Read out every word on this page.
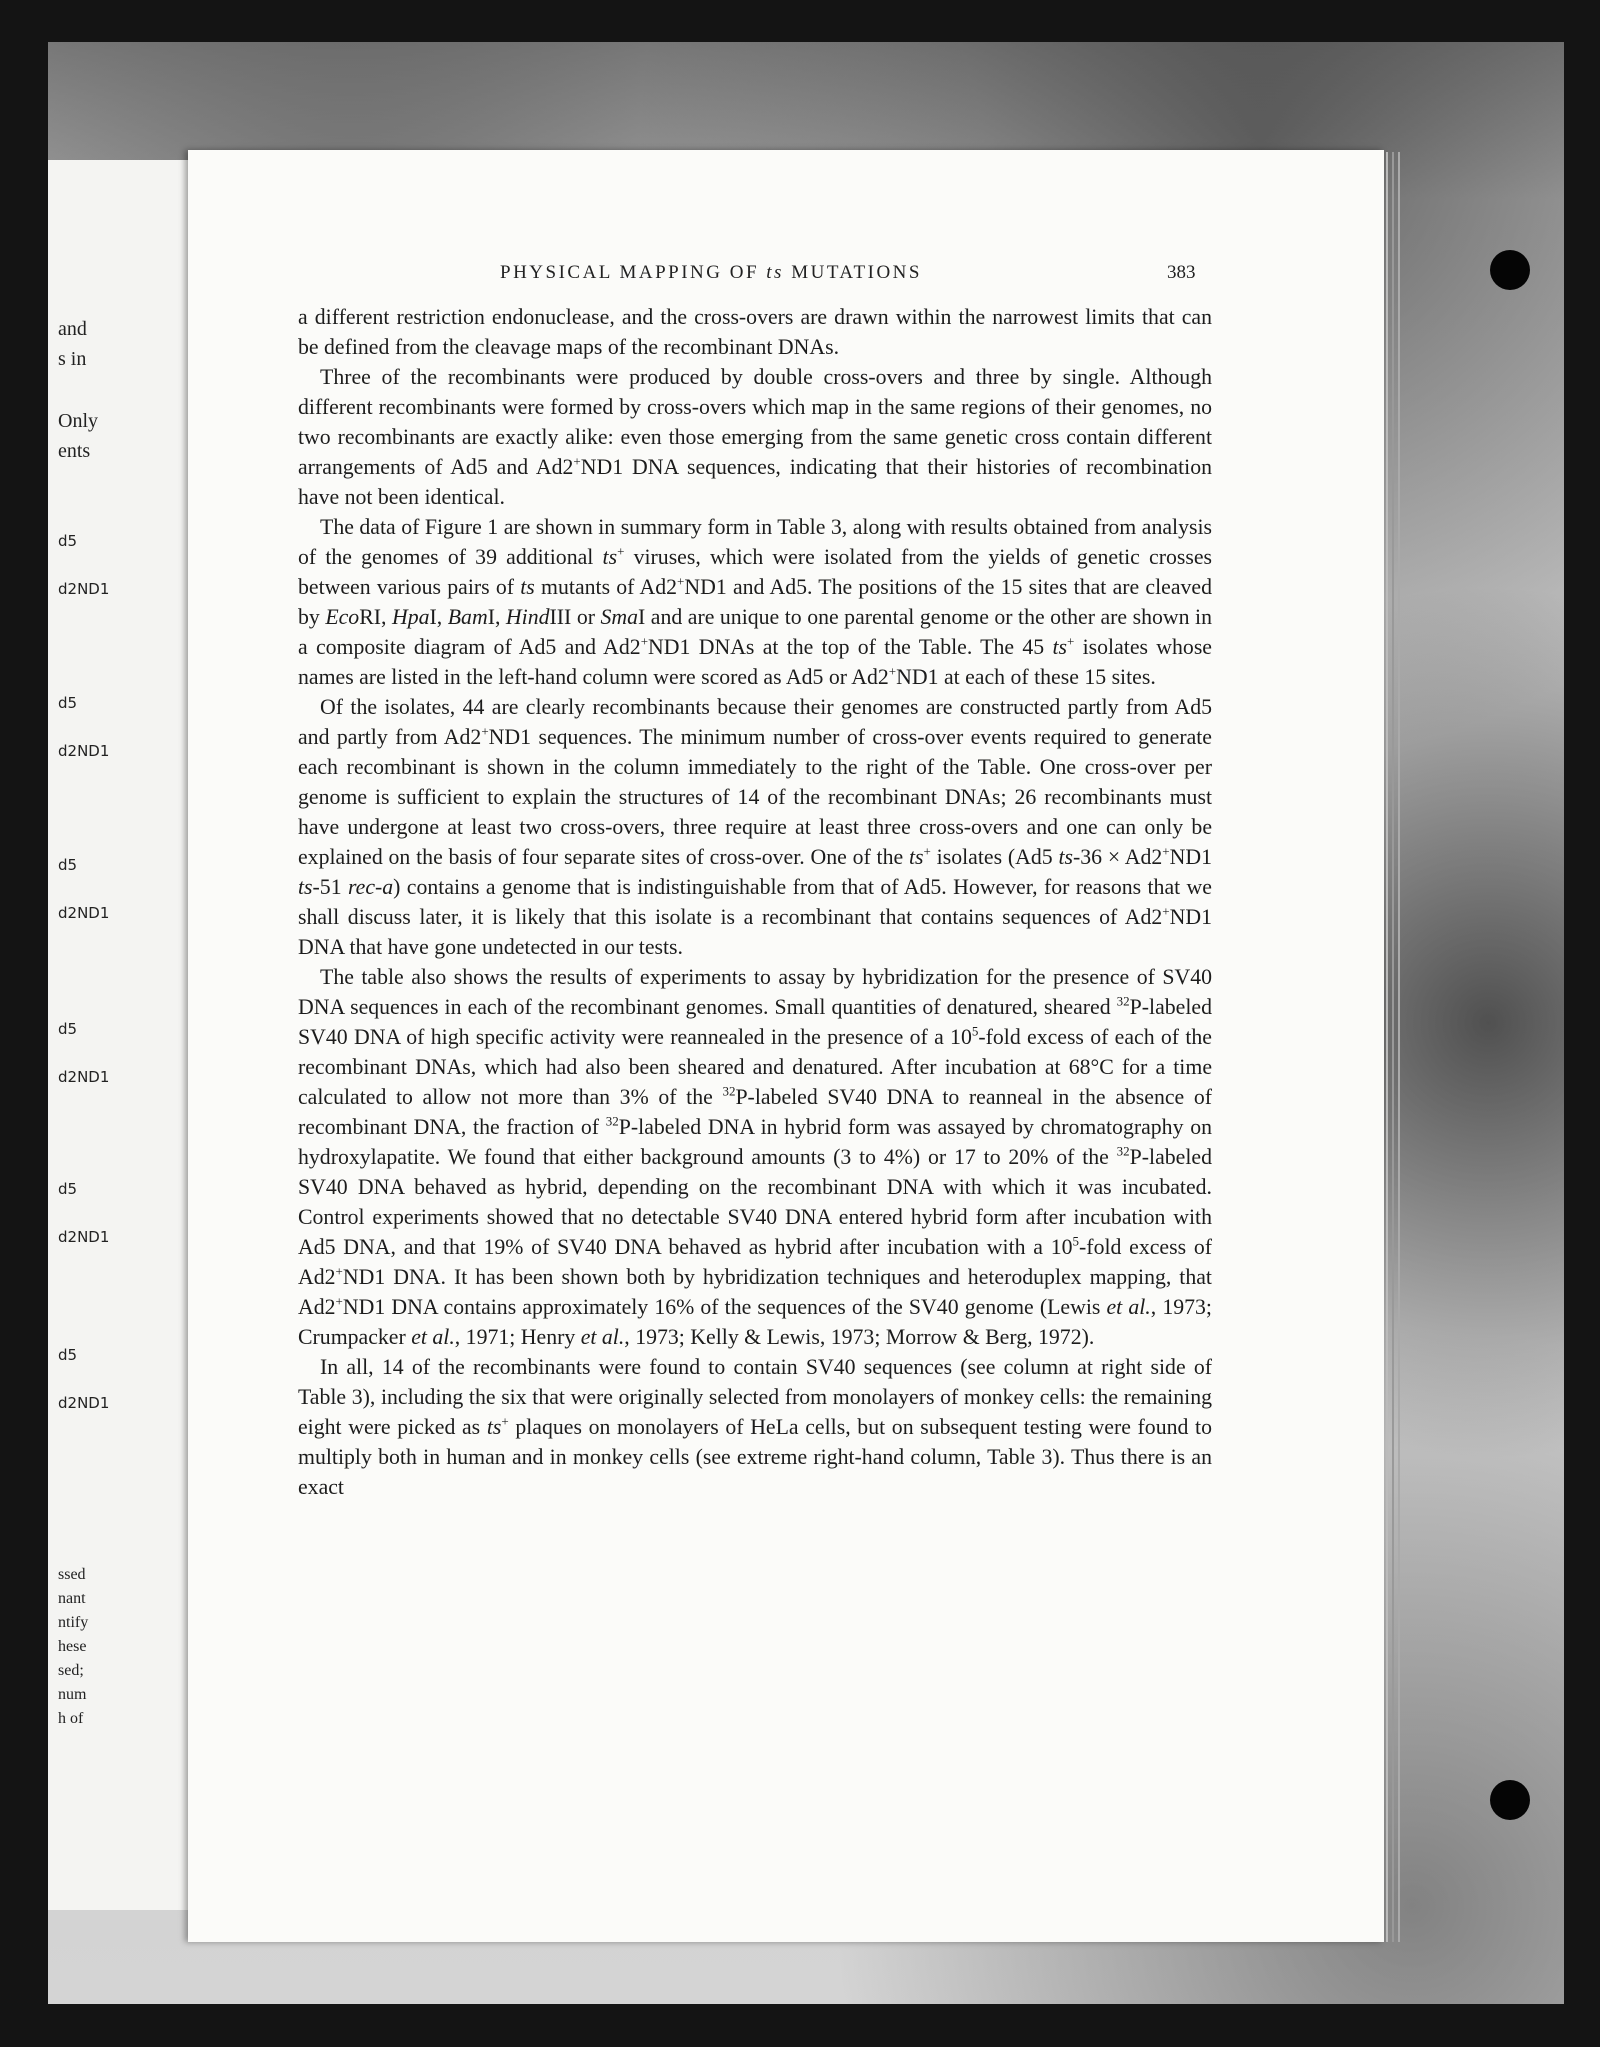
and
s in
Only
ents
d5
d2ND1
d5
d2ND1
d5
d2ND1
d5
d2ND1
d5
d2ND1
d5
d2ND1
ssed
nant
ntify
hese
sed;
num
h of
PHYSICAL MAPPING OF ts MUTATIONS	383

a different restriction endonuclease, and the cross-overs are drawn within the narrowest limits that can be defined from the cleavage maps of the recombinant DNAs.

Three of the recombinants were produced by double cross-overs and three by single. Although different recombinants were formed by cross-overs which map in the same regions of their genomes, no two recombinants are exactly alike: even those emerging from the same genetic cross contain different arrangements of Ad5 and Ad2+ND1 DNA sequences, indicating that their histories of recombination have not been identical.

The data of Figure 1 are shown in summary form in Table 3, along with results obtained from analysis of the genomes of 39 additional ts+ viruses, which were isolated from the yields of genetic crosses between various pairs of ts mutants of Ad2+ND1 and Ad5. The positions of the 15 sites that are cleaved by EcoRI, HpaI, BamI, HindIII or SmaI and are unique to one parental genome or the other are shown in a composite diagram of Ad5 and Ad2+ND1 DNAs at the top of the Table. The 45 ts+ isolates whose names are listed in the left-hand column were scored as Ad5 or Ad2+ND1 at each of these 15 sites.

Of the isolates, 44 are clearly recombinants because their genomes are constructed partly from Ad5 and partly from Ad2+ND1 sequences. The minimum number of cross-over events required to generate each recombinant is shown in the column immediately to the right of the Table. One cross-over per genome is sufficient to explain the structures of 14 of the recombinant DNAs; 26 recombinants must have undergone at least two cross-overs, three require at least three cross-overs and one can only be explained on the basis of four separate sites of cross-over. One of the ts+ isolates (Ad5 ts-36 × Ad2+ND1 ts-51 rec-a) contains a genome that is indistinguishable from that of Ad5. However, for reasons that we shall discuss later, it is likely that this isolate is a recombinant that contains sequences of Ad2+ND1 DNA that have gone undetected in our tests.

The table also shows the results of experiments to assay by hybridization for the presence of SV40 DNA sequences in each of the recombinant genomes. Small quantities of denatured, sheared $^{32}$P-labeled SV40 DNA of high specific activity were reannealed in the presence of a $10^5$-fold excess of each of the recombinant DNAs, which had also been sheared and denatured. After incubation at 68°C for a time calculated to allow not more than 3% of the $^{32}$P-labeled SV40 DNA to reanneal in the absence of recombinant DNA, the fraction of $^{32}$P-labeled DNA in hybrid form was assayed by chromatography on hydroxylapatite. We found that either background amounts (3 to 4%) or 17 to 20% of the $^{32}$P-labeled SV40 DNA behaved as hybrid, depending on the recombinant DNA with which it was incubated. Control experiments showed that no detectable SV40 DNA entered hybrid form after incubation with Ad5 DNA, and that 19% of SV40 DNA behaved as hybrid after incubation with a $10^5$-fold excess of Ad2+ND1 DNA. It has been shown both by hybridization techniques and heteroduplex mapping, that Ad2+ND1 DNA contains approximately 16% of the sequences of the SV40 genome (Lewis et al., 1973; Crumpacker et al., 1971; Henry et al., 1973; Kelly & Lewis, 1973; Morrow & Berg, 1972).

In all, 14 of the recombinants were found to contain SV40 sequences (see column at right side of Table 3), including the six that were originally selected from monolayers of monkey cells: the remaining eight were picked as ts+ plaques on monolayers of HeLa cells, but on subsequent testing were found to multiply both in human and in monkey cells (see extreme right-hand column, Table 3). Thus there is an exact
